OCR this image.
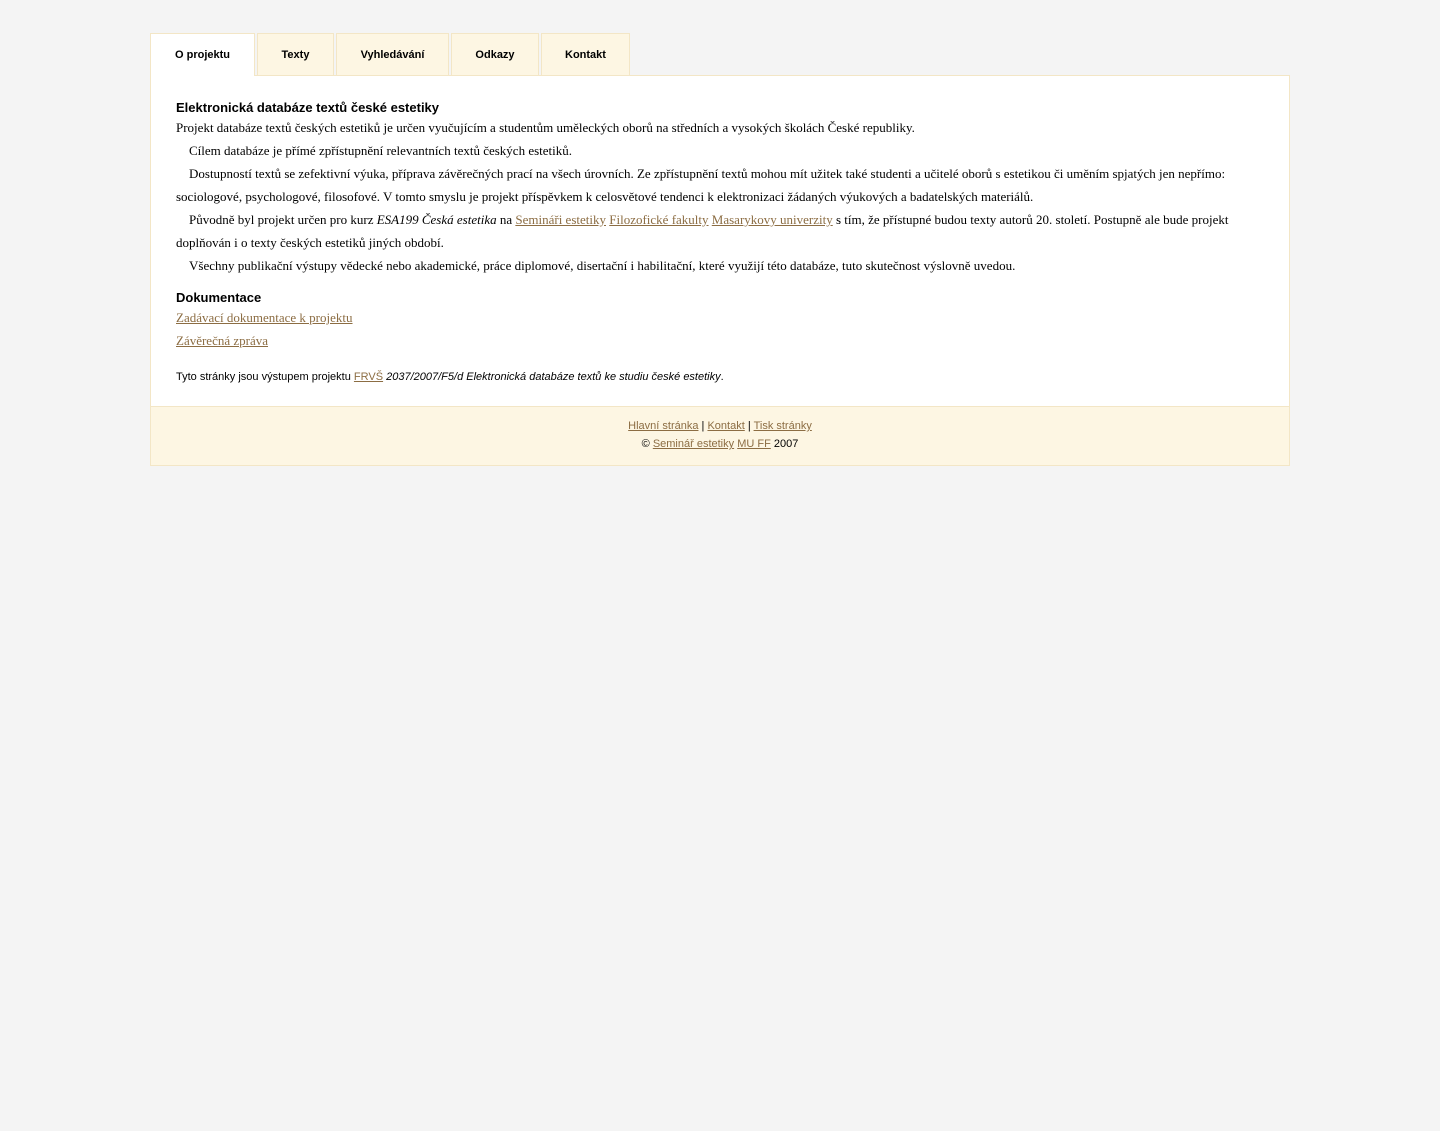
O projektu	Texty	Vyhledávání	Odkazy	Kontakt
Elektronická databáze textů české estetiky

Projekt databáze textů českých estetiků je určen vyučujícím a studentům uměleckých oborů na středních a vysokých školách České republiky.

Cílem databáze je přímé zpřístupnění relevantních textů českých estetiků.

Dostupností textů se zefektivní výuka, příprava závěrečných prací na všech úrovních. Ze zpřístupnění textů mohou mít užitek také studenti a učitelé oborů s estetikou či uměním spjatých jen nepřímo: sociologové, psychologové, filosofové. V tomto smyslu je projekt příspěvkem k celosvětové tendenci k elektronizaci žádaných výukových a badatelských materiálů.

Původně byl projekt určen pro kurz ESA199 Česká estetika na Semináři estetiky Filozofické fakulty Masarykovy univerzity s tím, že přístupné budou texty autorů 20. století. Postupně ale bude projekt doplňován i o texty českých estetiků jiných období.

Všechny publikační výstupy vědecké nebo akademické, práce diplomové, disertační i habilitační, které využijí této databáze, tuto skutečnost výslovně uvedou.

Dokumentace
Zadávací dokumentace k projektu
Závěrečná zpráva

Tyto stránky jsou výstupem projektu FRVŠ 2037/2007/F5/d Elektronická databáze textů ke studiu české estetiky.

Hlavní stránka | Kontakt | Tisk stránky
© Seminář estetiky MU FF 2007
